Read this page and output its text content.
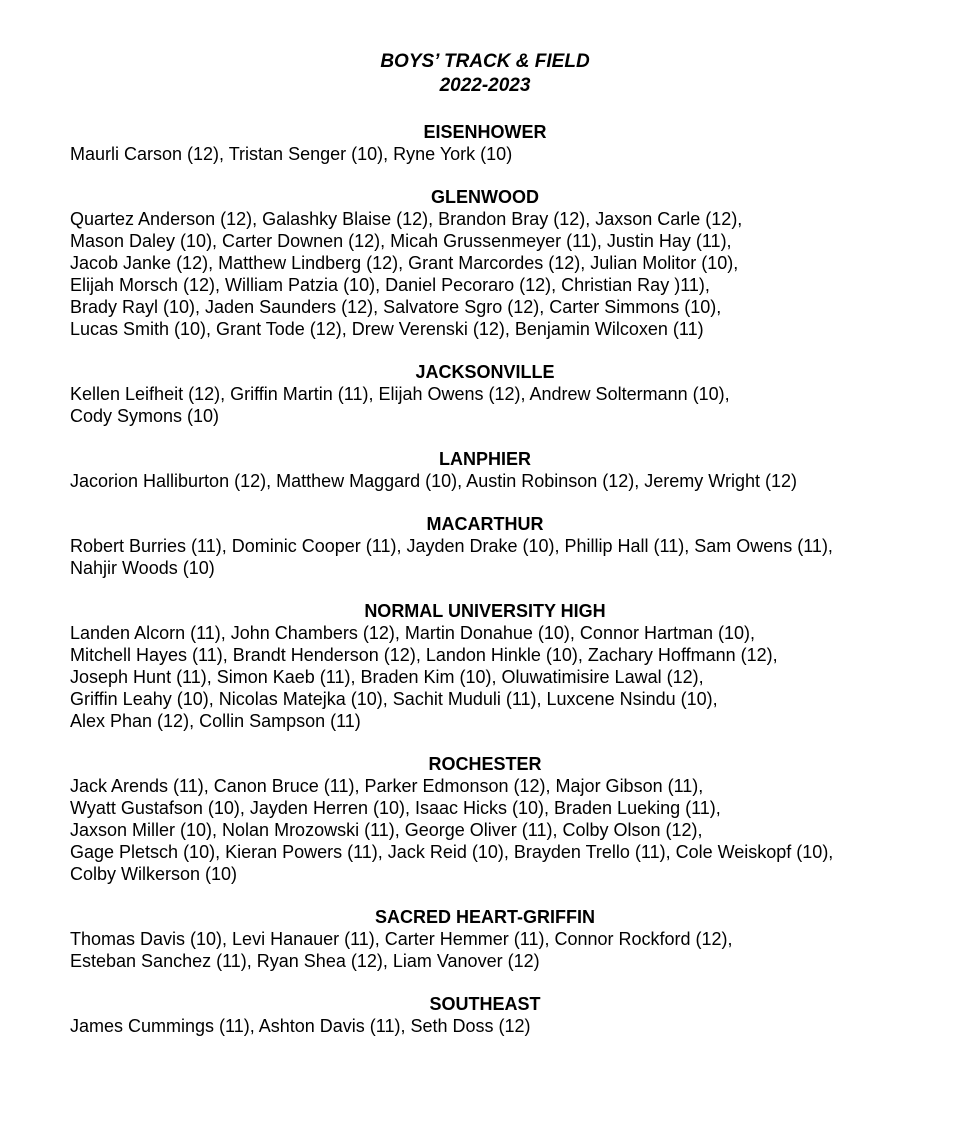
BOYS’ TRACK & FIELD
2022-2023
EISENHOWER
Maurli Carson (12), Tristan Senger (10), Ryne York (10)
GLENWOOD
Quartez Anderson (12), Galashky Blaise (12), Brandon Bray (12), Jaxson Carle (12),
Mason Daley (10), Carter Downen (12), Micah Grussenmeyer (11), Justin Hay (11),
Jacob Janke (12), Matthew Lindberg (12), Grant Marcordes (12), Julian Molitor (10),
Elijah Morsch (12), William Patzia (10), Daniel Pecoraro (12), Christian Ray )11),
Brady Rayl (10), Jaden Saunders (12), Salvatore Sgro (12), Carter Simmons (10),
Lucas Smith (10), Grant Tode (12), Drew Verenski (12), Benjamin Wilcoxen (11)
JACKSONVILLE
Kellen Leifheit (12), Griffin Martin (11), Elijah Owens (12), Andrew Soltermann (10),
Cody Symons (10)
LANPHIER
Jacorion Halliburton (12), Matthew Maggard (10), Austin Robinson (12), Jeremy Wright (12)
MACARTHUR
Robert Burries (11), Dominic Cooper (11), Jayden Drake (10), Phillip Hall (11), Sam Owens (11),
Nahjir Woods (10)
NORMAL UNIVERSITY HIGH
Landen Alcorn (11), John Chambers (12), Martin Donahue (10), Connor Hartman (10),
Mitchell Hayes (11), Brandt Henderson (12), Landon Hinkle (10), Zachary Hoffmann (12),
Joseph Hunt (11), Simon Kaeb (11), Braden Kim (10), Oluwatimisire Lawal (12),
Griffin Leahy (10), Nicolas Matejka (10), Sachit Muduli (11), Luxcene Nsindu (10),
Alex Phan (12), Collin Sampson (11)
ROCHESTER
Jack Arends (11), Canon Bruce (11), Parker Edmonson (12), Major Gibson (11),
Wyatt Gustafson (10), Jayden Herren (10), Isaac Hicks (10), Braden Lueking (11),
Jaxson Miller (10), Nolan Mrozowski (11), George Oliver (11), Colby Olson (12),
Gage Pletsch (10), Kieran Powers (11), Jack Reid (10), Brayden Trello (11), Cole Weiskopf (10),
Colby Wilkerson (10)
SACRED HEART-GRIFFIN
Thomas Davis (10), Levi Hanauer (11), Carter Hemmer (11), Connor Rockford (12),
Esteban Sanchez (11), Ryan Shea (12), Liam Vanover (12)
SOUTHEAST
James Cummings (11), Ashton Davis (11), Seth Doss (12)
